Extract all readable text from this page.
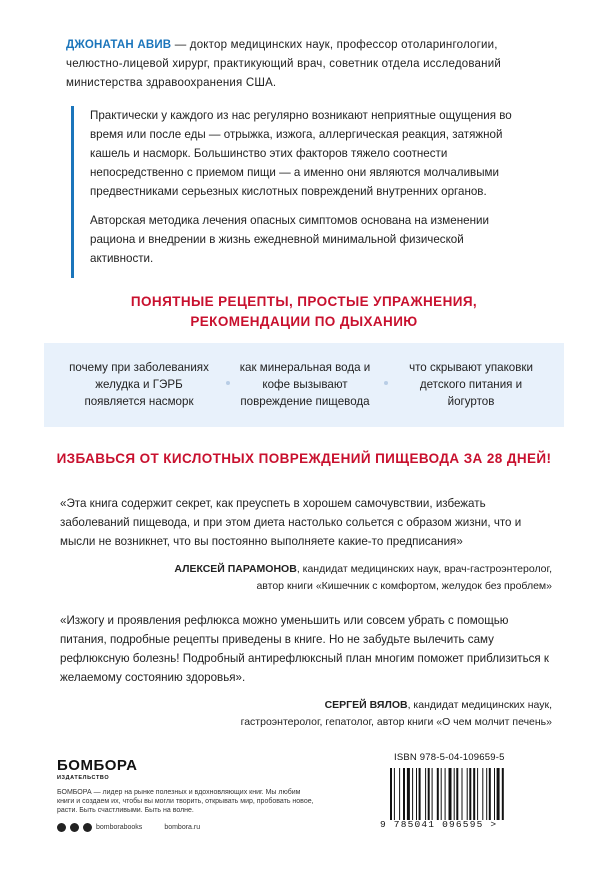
ДЖОНАТАН АВИВ — доктор медицинских наук, профессор отоларингологии, челюстно-лицевой хирург, практикующий врач, советник отдела исследований министерства здравоохранения США.

Практически у каждого из нас регулярно возникают неприятные ощущения во время или после еды — отрыжка, изжога, аллергическая реакция, затяжной кашель и насморк. Большинство этих факторов тяжело соотнести непосредственно с приемом пищи — а именно они являются молчаливыми предвестниками серьезных кислотных повреждений внутренних органов.

Авторская методика лечения опасных симптомов основана на изменении рациона и внедрении в жизнь ежедневной минимальной физической активности.

ПОНЯТНЫЕ РЕЦЕПТЫ, ПРОСТЫЕ УПРАЖНЕНИЯ,
РЕКОМЕНДАЦИИ ПО ДЫХАНИЮ
почему при заболеваниях желудка и ГЭРБ появляется насморк
как минеральная вода и кофе вызывают повреждение пищевода
что скрывают упаковки детского питания и йогуртов
ИЗБАВЬСЯ ОТ КИСЛОТНЫХ ПОВРЕЖДЕНИЙ ПИЩЕВОДА ЗА 28 ДНЕЙ!
«Эта книга содержит секрет, как преуспеть в хорошем самочувствии, избежать заболеваний пищевода, и при этом диета настолько сольется с образом жизни, что и мысли не возникнет, что вы постоянно выполняете какие-то предписания»
АЛЕКСЕЙ ПАРАМОНОВ, кандидат медицинских наук, врач-гастроэнтеролог,
автор книги «Кишечник с комфортом, желудок без проблем»
«Изжогу и проявления рефлюкса можно уменьшить или совсем убрать с помощью питания, подробные рецепты приведены в книге. Но не забудьте вылечить саму рефлюксную болезнь! Подробный антирефлюксный план многим поможет приблизиться к желаемому состоянию здоровья».
СЕРГЕЙ ВЯЛОВ, кандидат медицинских наук,
гастроэнтеролог, гепатолог, автор книги «О чем молчит печень»
БОМБОРА
ИЗДАТЕЛЬСТВО
БОМБОРА — лидер на рынке полезных и вдохновляющих книг. Мы любим книги и создаем их, чтобы вы могли творить, открывать мир, пробовать новое, расти. Быть счастливыми. Быть на волне.
bomborabooks	bombora.ru
ISBN 978-5-04-109659-5
9 785041 096595 >
